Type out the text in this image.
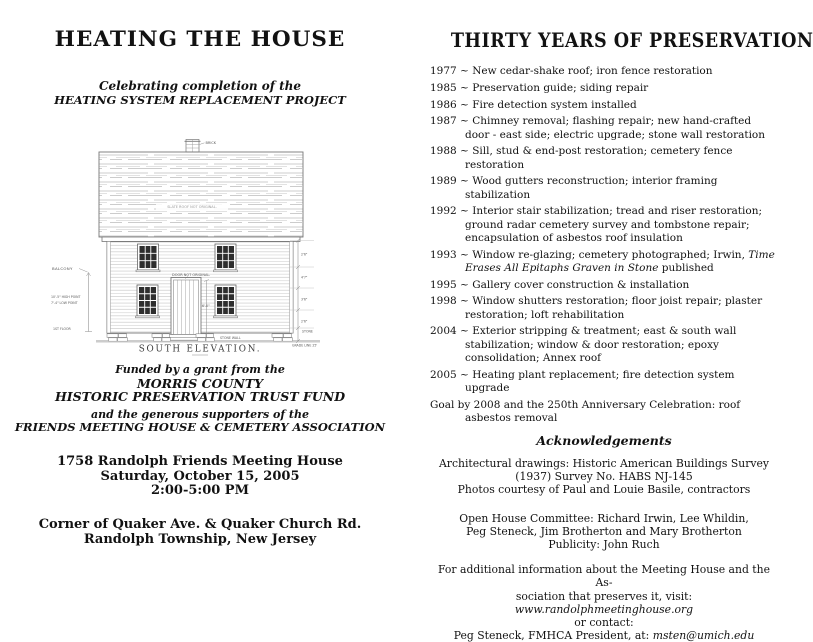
HEATING THE HOUSE
Celebrating completion of the
HEATING SYSTEM REPLACEMENT PROJECT
BRICK
SLATE ROOF NOT ORIGINAL.
DOOR NOT ORIGINAL.
6'-0"
STONE WALL
BALCONY
10'-5" HIGH POINT
7'-4" LOW POINT
1ST FLOOR
2'6"
4'7"
3'6"
2'6"
STONE
GRADE LINE 25'
SOUTH ELEVATION.
Funded by a grant from the
MORRIS COUNTY
HISTORIC PRESERVATION TRUST FUND
and the generous supporters of the
FRIENDS MEETING HOUSE & CEMETERY ASSOCIATION
1758 Randolph Friends Meeting House
Saturday, October 15, 2005
2:00-5:00 PM
Corner of Quaker Ave. & Quaker Church Rd.
Randolph Township, New Jersey
THIRTY YEARS OF PRESERVATION
1977 ~ New cedar-shake roof; iron fence restoration
1985 ~ Preservation guide; siding repair
1986 ~ Fire detection system installed
1987 ~ Chimney removal; flashing repair; new hand-crafted door - east side; electric upgrade; stone wall restoration
1988 ~ Sill, stud & end-post restoration; cemetery fence restoration
1989 ~ Wood gutters reconstruction; interior framing stabilization
1992 ~ Interior stair stabilization; tread and riser restoration; ground radar cemetery survey and tombstone repair; encapsulation of asbestos roof insulation
1993 ~ Window re-glazing; cemetery photographed; Irwin, Time Erases All Epitaphs Graven in Stone published
1995 ~ Gallery cover construction & installation
1998 ~ Window shutters restoration; floor joist repair; plaster restoration; loft rehabilitation
2004 ~ Exterior stripping & treatment; east & south wall stabilization; window & door restoration; epoxy consolidation; Annex roof
2005 ~ Heating plant replacement; fire detection system upgrade
Goal by 2008 and the 250th Anniversary Celebration: roof asbestos removal
Acknowledgements
Architectural drawings: Historic American Buildings Survey
(1937) Survey No. HABS NJ-145
Photos courtesy of Paul and Louie Basile, contractors
Open House Committee: Richard Irwin, Lee Whildin,
Peg Steneck, Jim Brotherton and Mary Brotherton
Publicity: John Ruch
For additional information about the Meeting House and the As-
sociation that preserves it, visit:
www.randolphmeetinghouse.org
or contact:
Peg Steneck, FMHCA President, at: msten@umich.edu
